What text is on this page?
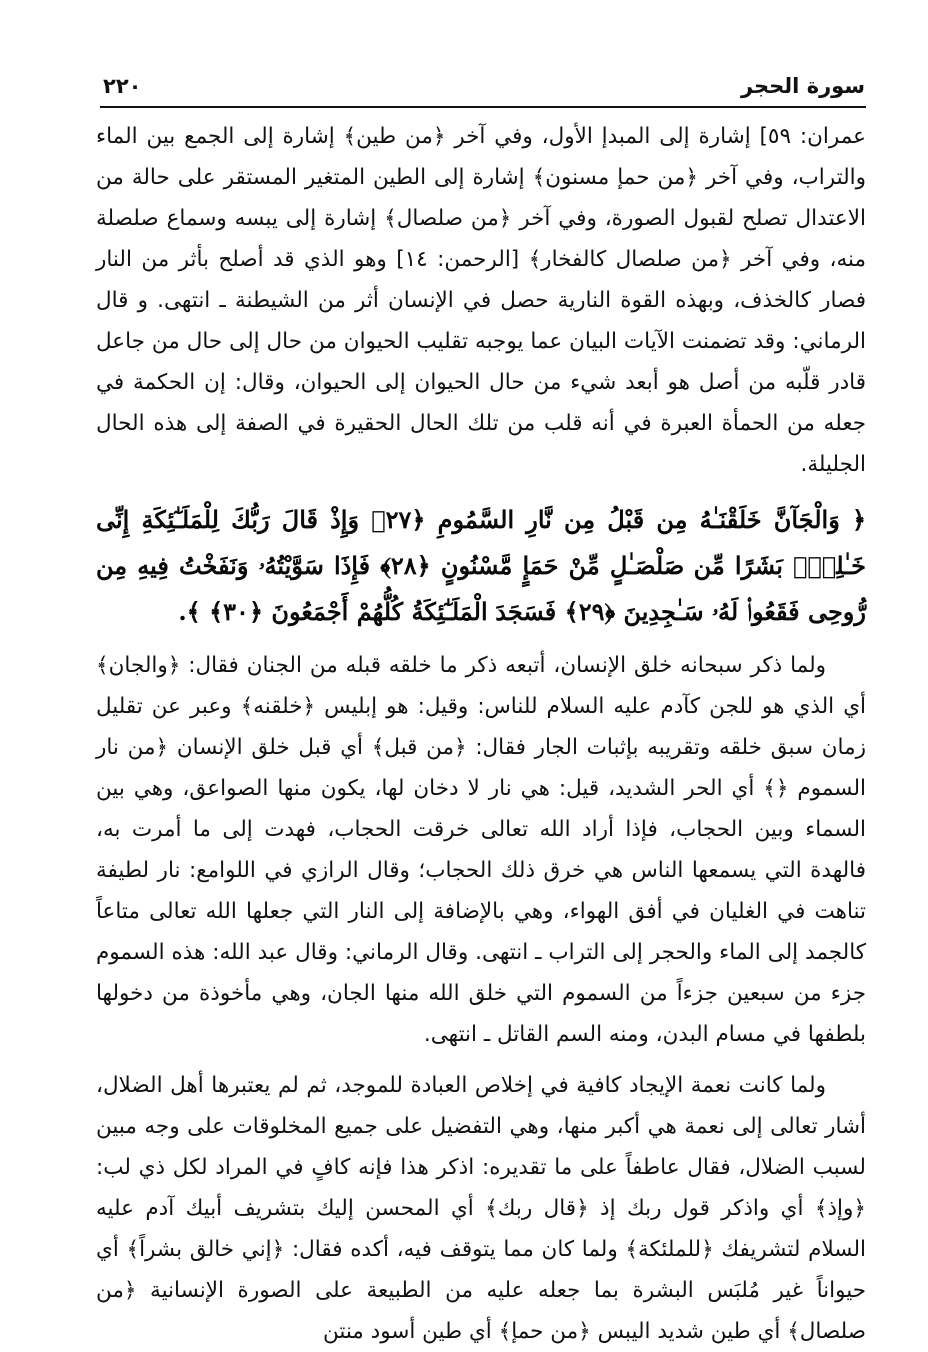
سورة الحجر
٢٢٠

عمران: ٥٩] إشارة إلى المبدإ الأول، وفي آخر ﴿من طين﴾ إشارة إلى الجمع بين الماء والتراب، وفي آخر ﴿من حمإ مسنون﴾ إشارة إلى الطين المتغير المستقر على حالة من الاعتدال تصلح لقبول الصورة، وفي آخر ﴿من صلصال﴾ إشارة إلى يبسه وسماع صلصلة منه، وفي آخر ﴿من صلصال كالفخار﴾ [الرحمن: ١٤] وهو الذي قد أصلح بأثر من النار فصار كالخذف، وبهذه القوة النارية حصل في الإنسان أثر من الشيطنة ـ انتهى. و قال الرماني: وقد تضمنت الآيات البيان عما يوجبه تقليب الحيوان من حال إلى حال من جاعل قادر قلّبه من أصل هو أبعد شيء من حال الحيوان إلى الحيوان، وقال: إن الحكمة في جعله من الحمأة العبرة في أنه قلب من تلك الحال الحقيرة في الصفة إلى هذه الحال الجليلة.

﴿ وَالْجَآنَّ خَلَقْنَـٰهُ مِن قَبْلُ مِن نَّارِ السَّمُومِ ﴿٢٧﴾ وَإِذْ قَالَ رَبُّكَ لِلْمَلَـٰٓئِكَةِ إِنِّى خَـٰلِقٌۢ بَشَرًا مِّن صَلْصَـٰلٍ مِّنْ حَمَإٍ مَّسْنُونٍ ﴿٢٨﴾ فَإِذَا سَوَّيْتُهُۥ وَنَفَخْتُ فِيهِ مِن رُّوحِى فَقَعُوا۟ لَهُۥ سَـٰجِدِينَ ﴿٢٩﴾ فَسَجَدَ الْمَلَـٰٓئِكَةُ كُلُّهُمْ أَجْمَعُونَ ﴿٣٠﴾ ﴾.

ولما ذكر سبحانه خلق الإنسان، أتبعه ذكر ما خلقه قبله من الجنان فقال: ﴿والجان﴾ أي الذي هو للجن كآدم عليه السلام للناس: وقيل: هو إبليس ﴿خلقنه﴾ وعبر عن تقليل زمان سبق خلقه وتقريبه بإثبات الجار فقال: ﴿من قبل﴾ أي قبل خلق الإنسان ﴿من نار السموم ﴿﴾ أي الحر الشديد، قيل: هي نار لا دخان لها، يكون منها الصواعق، وهي بين السماء وبين الحجاب، فإذا أراد الله تعالى خرقت الحجاب، فهدت إلى ما أمرت به، فالهدة التي يسمعها الناس هي خرق ذلك الحجاب؛ وقال الرازي في اللوامع: نار لطيفة تناهت في الغليان في أفق الهواء، وهي بالإضافة إلى النار التي جعلها الله تعالى متاعاً كالجمد إلى الماء والحجر إلى التراب ـ انتهى. وقال الرماني: وقال عبد الله: هذه السموم جزء من سبعين جزءاً من السموم التي خلق الله منها الجان، وهي مأخوذة من دخولها بلطفها في مسام البدن، ومنه السم القاتل ـ انتهى.

ولما كانت نعمة الإيجاد كافية في إخلاص العبادة للموجد، ثم لم يعتبرها أهل الضلال، أشار تعالى إلى نعمة هي أكبر منها، وهي التفضيل على جميع المخلوقات على وجه مبين لسبب الضلال، فقال عاطفاً على ما تقديره: اذكر هذا فإنه كافٍ في المراد لكل ذي لب: ﴿وإذ﴾ أي واذكر قول ربك إذ ﴿قال ربك﴾ أي المحسن إليك بتشريف أبيك آدم عليه السلام لتشريفك ﴿للملئكة﴾ ولما كان مما يتوقف فيه، أكده فقال: ﴿إني خالق بشراً﴾ أي حيواناً غير مُلبَس البشرة بما جعله عليه من الطبيعة على الصورة الإنسانية ﴿من صلصال﴾ أي طين شديد اليبس ﴿من حمإ﴾ أي طين أسود منتن
